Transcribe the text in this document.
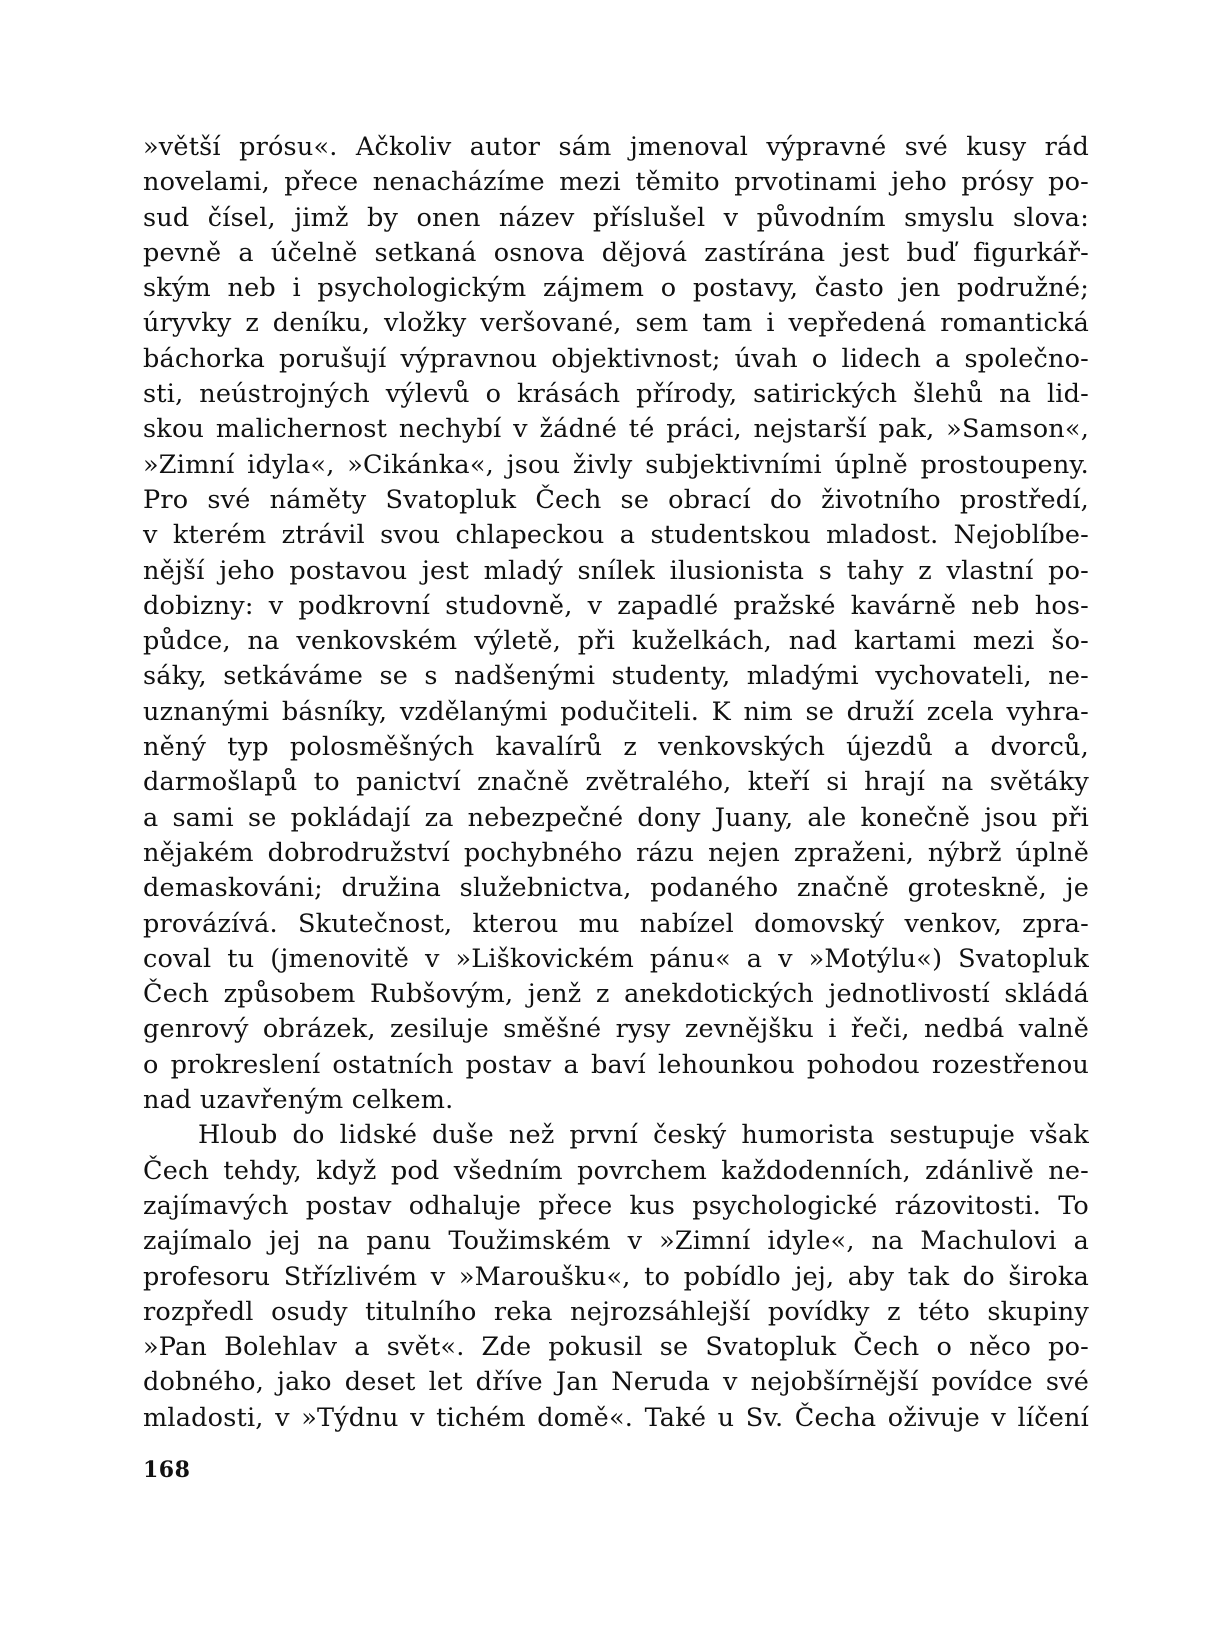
»větší prósu«. Ačkoliv autor sám jmenoval výpravné své kusy rád
novelami, přece nenacházíme mezi těmito prvotinami jeho prósy po-
sud čísel, jimž by onen název příslušel v původním smyslu slova:
pevně a účelně setkaná osnova dějová zastírána jest buď figurkář-
ským neb i psychologickým zájmem o postavy, často jen podružné;
úryvky z deníku, vložky veršované, sem tam i vepředená romantická
báchorka porušují výpravnou objektivnost; úvah o lidech a společno-
sti, neústrojných výlevů o krásách přírody, satirických šlehů na lid-
skou malichernost nechybí v žádné té práci, nejstarší pak, »Samson«,
»Zimní idyla«, »Cikánka«, jsou živly subjektivními úplně prostoupeny.
Pro své náměty Svatopluk Čech se obrací do životního prostředí,
v kterém ztrávil svou chlapeckou a studentskou mladost. Nejoblíbe-
nější jeho postavou jest mladý snílek ilusionista s tahy z vlastní po-
dobizny: v podkrovní studovně, v zapadlé pražské kavárně neb hos-
půdce, na venkovském výletě, při kuželkách, nad kartami mezi šo-
sáky, setkáváme se s nadšenými studenty, mladými vychovateli, ne-
uznanými básníky, vzdělanými podučiteli. K nim se druží zcela vyhra-
něný typ polosměšných kavalírů z venkovských újezdů a dvorců,
darmošlapů to panictví značně zvětralého, kteří si hrají na světáky
a sami se pokládají za nebezpečné dony Juany, ale konečně jsou při
nějakém dobrodružství pochybného rázu nejen zpraženi, nýbrž úplně
demaskováni; družina služebnictva, podaného značně groteskně, je
provázívá. Skutečnost, kterou mu nabízel domovský venkov, zpra-
coval tu (jmenovitě v »Liškovickém pánu« a v »Motýlu«) Svatopluk
Čech způsobem Rubšovým, jenž z anekdotických jednotlivostí skládá
genrový obrázek, zesiluje směšné rysy zevnějšku i řeči, nedbá valně
o prokreslení ostatních postav a baví lehounkou pohodou rozestřenou
nad uzavřeným celkem.
Hloub do lidské duše než první český humorista sestupuje však
Čech tehdy, když pod všedním povrchem každodenních, zdánlivě ne-
zajímavých postav odhaluje přece kus psychologické rázovitosti. To
zajímalo jej na panu Toužimském v »Zimní idyle«, na Machulovi a
profesoru Střízlivém v »Maroušku«, to pobídlo jej, aby tak do široka
rozpředl osudy titulního reka nejrozsáhlejší povídky z této skupiny
»Pan Bolehlav a svět«. Zde pokusil se Svatopluk Čech o něco po-
dobného, jako deset let dříve Jan Neruda v nejobšírnější povídce své
mladosti, v »Týdnu v tichém domě«. Také u Sv. Čecha oživuje v líčení
168
